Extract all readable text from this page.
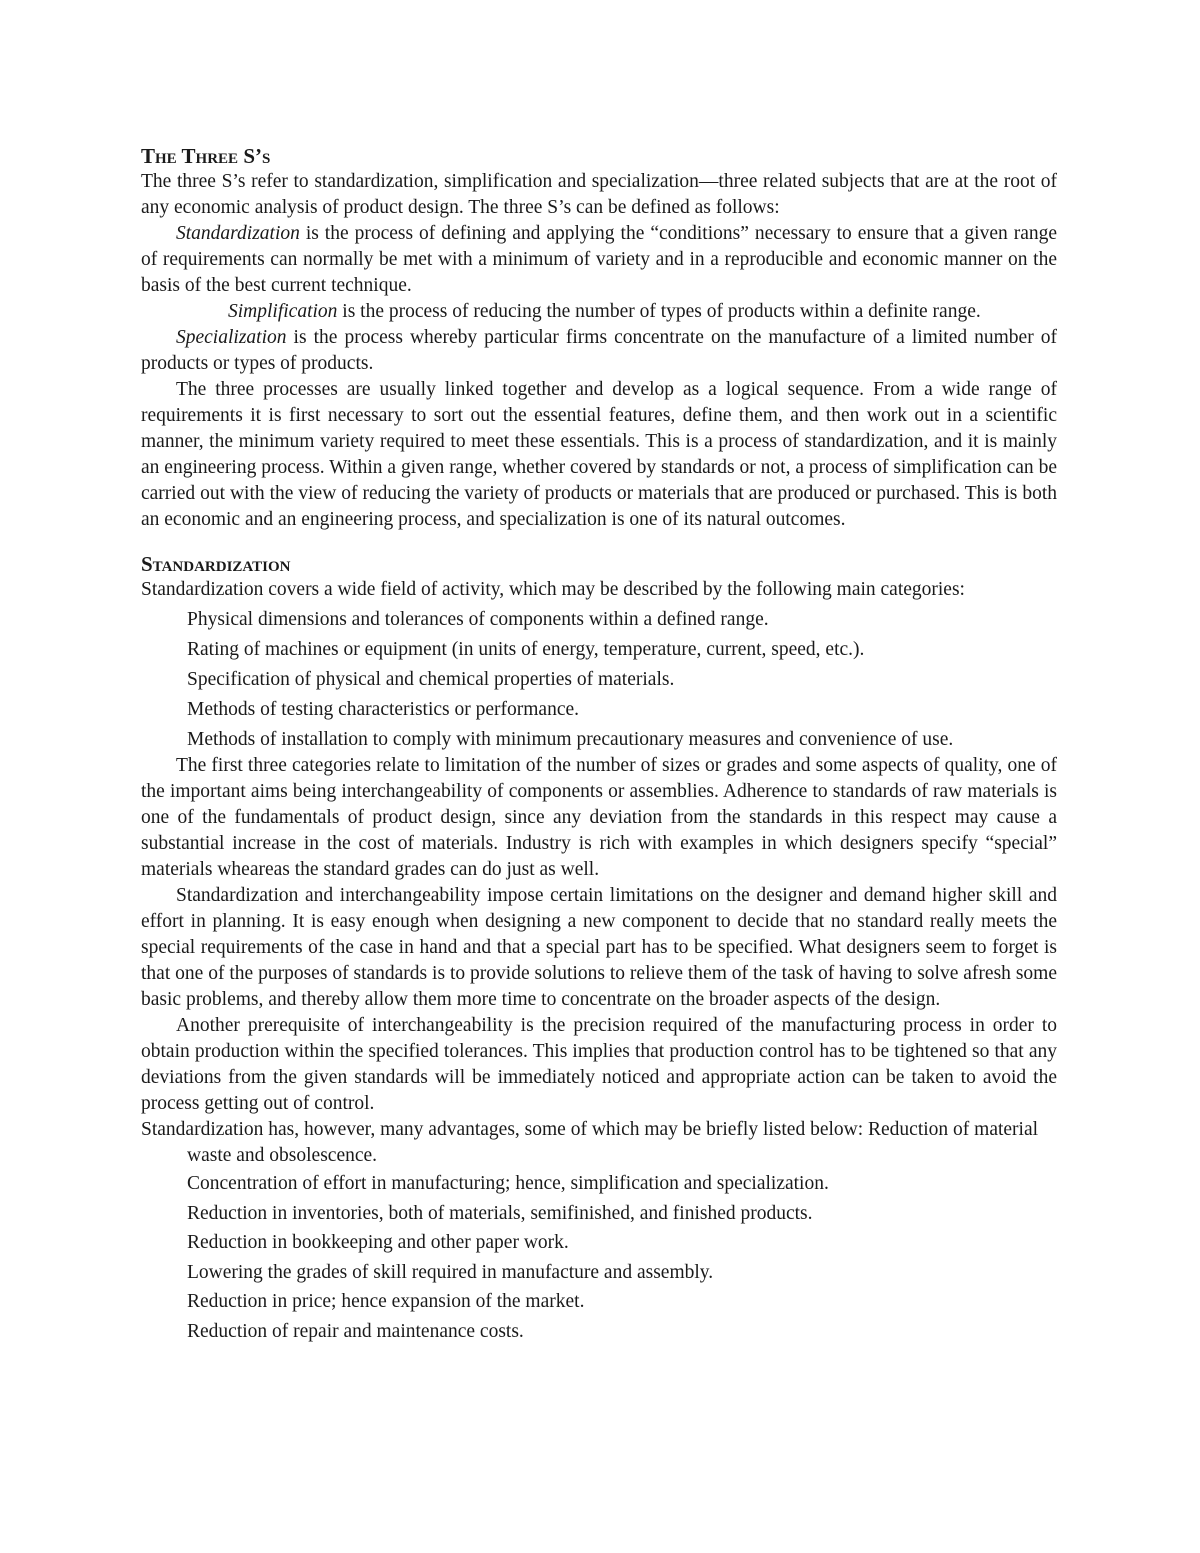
The Three S’s

The three S’s refer to standardization, simplification and specialization—three related subjects that are at the root of any economic analysis of product design. The three S’s can be defined as follows:

Standardization is the process of defining and applying the “conditions” necessary to ensure that a given range of requirements can normally be met with a minimum of variety and in a reproducible and economic manner on the basis of the best current technique.

Simplification is the process of reducing the number of types of products within a definite range.

Specialization is the process whereby particular firms concentrate on the manufacture of a limited number of products or types of products.

The three processes are usually linked together and develop as a logical sequence. From a wide range of requirements it is first necessary to sort out the essential features, define them, and then work out in a scientific manner, the minimum variety required to meet these essentials. This is a process of standardization, and it is mainly an engineering process. Within a given range, whether covered by standards or not, a process of simplification can be carried out with the view of reducing the variety of products or materials that are produced or purchased. This is both an economic and an engineering process, and specialization is one of its natural outcomes.

Standardization

Standardization covers a wide field of activity, which may be described by the following main categories:

Physical dimensions and tolerances of components within a defined range.
Rating of machines or equipment (in units of energy, temperature, current, speed, etc.).
Specification of physical and chemical properties of materials.
Methods of testing characteristics or performance.
Methods of installation to comply with minimum precautionary measures and convenience of use.

The first three categories relate to limitation of the number of sizes or grades and some aspects of quality, one of the important aims being interchangeability of components or assemblies. Adherence to standards of raw materials is one of the fundamentals of product design, since any deviation from the standards in this respect may cause a substantial increase in the cost of materials. Industry is rich with examples in which designers specify “special” materials wheareas the standard grades can do just as well.

Standardization and interchangeability impose certain limitations on the designer and demand higher skill and effort in planning. It is easy enough when designing a new component to decide that no standard really meets the special requirements of the case in hand and that a special part has to be specified. What designers seem to forget is that one of the purposes of standards is to provide solutions to relieve them of the task of having to solve afresh some basic problems, and thereby allow them more time to concentrate on the broader aspects of the design.

Another prerequisite of interchangeability is the precision required of the manufacturing process in order to obtain production within the specified tolerances. This implies that production control has to be tightened so that any deviations from the given standards will be immediately noticed and appropriate action can be taken to avoid the process getting out of control.

Standardization has, however, many advantages, some of which may be briefly listed below: Reduction of material waste and obsolescence.

Concentration of effort in manufacturing; hence, simplification and specialization.
Reduction in inventories, both of materials, semifinished, and finished products.
Reduction in bookkeeping and other paper work.
Lowering the grades of skill required in manufacture and assembly.
Reduction in price; hence expansion of the market.
Reduction of repair and maintenance costs.
